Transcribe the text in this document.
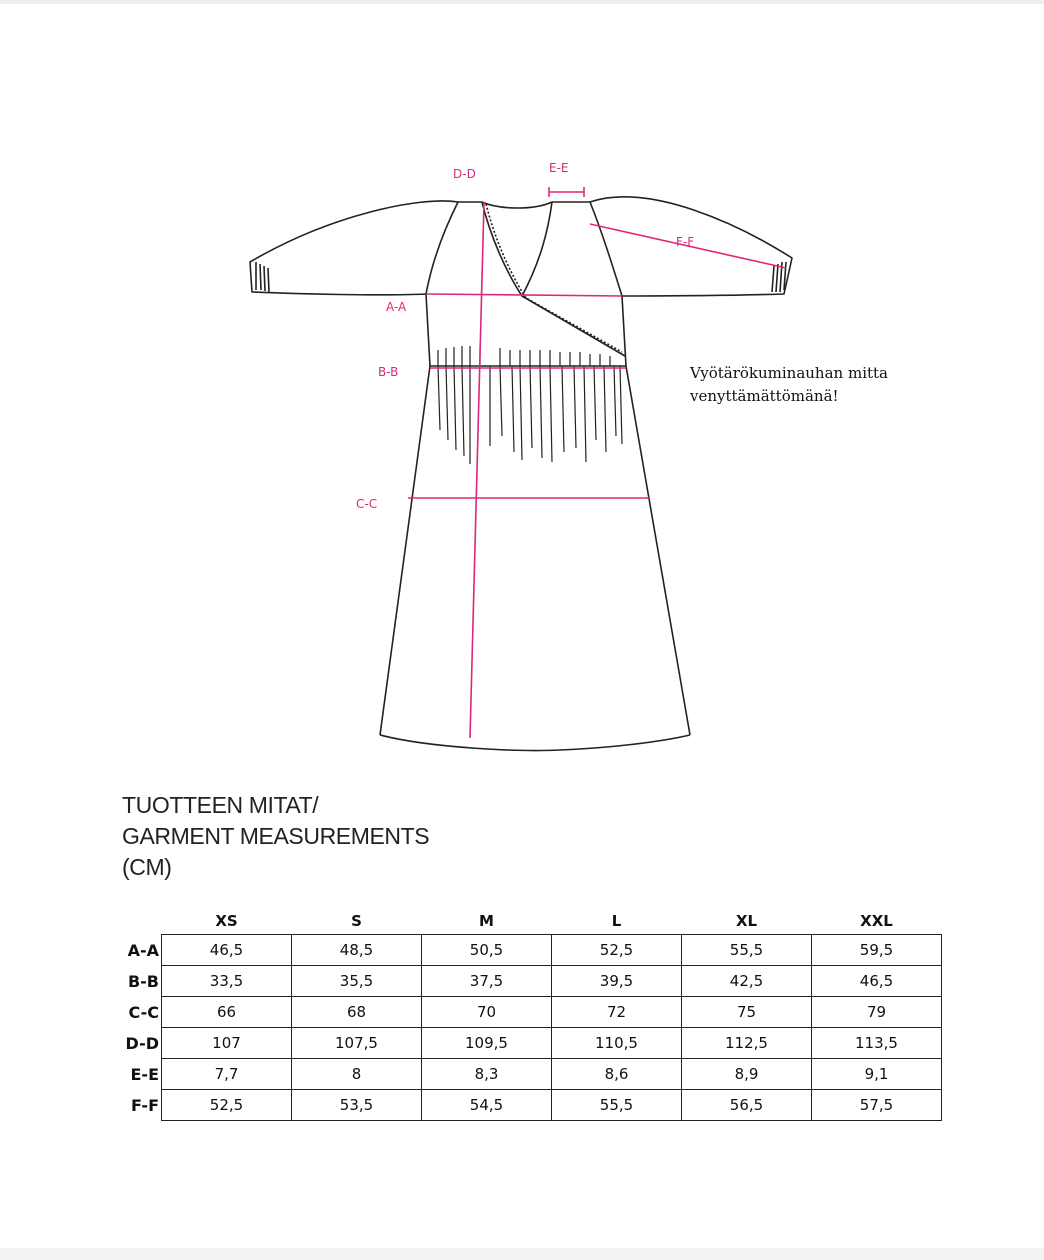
A-A
B-B
C-C
D-D	E-E
F-F
Vyötärökuminauhan mitta
venyttämättömänä!
TUOTTEEN MITAT/
GARMENT MEASUREMENTS
(CM)
	XS	S	M	L	XL	XXL
A-A	46,5	48,5	50,5	52,5	55,5	59,5
B-B	33,5	35,5	37,5	39,5	42,5	46,5
C-C	66	68	70	72	75	79
D-D	107	107,5	109,5	110,5	112,5	113,5
E-E	7,7	8	8,3	8,6	8,9	9,1
F-F	52,5	53,5	54,5	55,5	56,5	57,5
